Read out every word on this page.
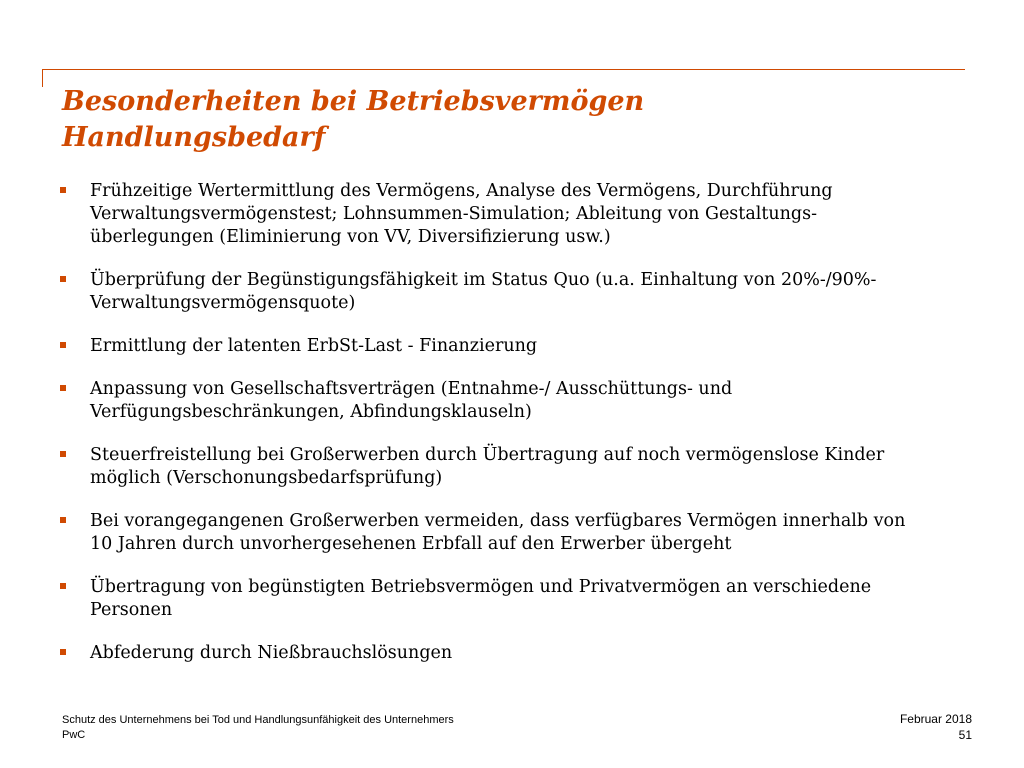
Besonderheiten bei Betriebsvermögen
Handlungsbedarf
Frühzeitige Wertermittlung des Vermögens, Analyse des Vermögens, Durchführung
Verwaltungsvermögenstest; Lohnsummen-Simulation; Ableitung von Gestaltungs-
überlegungen (Eliminierung von VV, Diversifizierung usw.)
Überprüfung der Begünstigungsfähigkeit im Status Quo (u.a. Einhaltung von 20%-/90%-
Verwaltungsvermögensquote)
Ermittlung der latenten ErbSt-Last - Finanzierung
Anpassung von Gesellschaftsverträgen (Entnahme-/ Ausschüttungs- und
Verfügungsbeschränkungen, Abfindungsklauseln)
Steuerfreistellung bei Großerwerben durch Übertragung auf noch vermögenslose Kinder
möglich (Verschonungsbedarfsprüfung)
Bei vorangegangenen Großerwerben vermeiden, dass verfügbares Vermögen innerhalb von
10 Jahren durch unvorhergesehenen Erbfall auf den Erwerber übergeht
Übertragung von begünstigten Betriebsvermögen und Privatvermögen an verschiedene
Personen
Abfederung durch Nießbrauchslösungen
Schutz des Unternehmens bei Tod und Handlungsunfähigkeit des Unternehmers
PwC
Februar 2018
51
